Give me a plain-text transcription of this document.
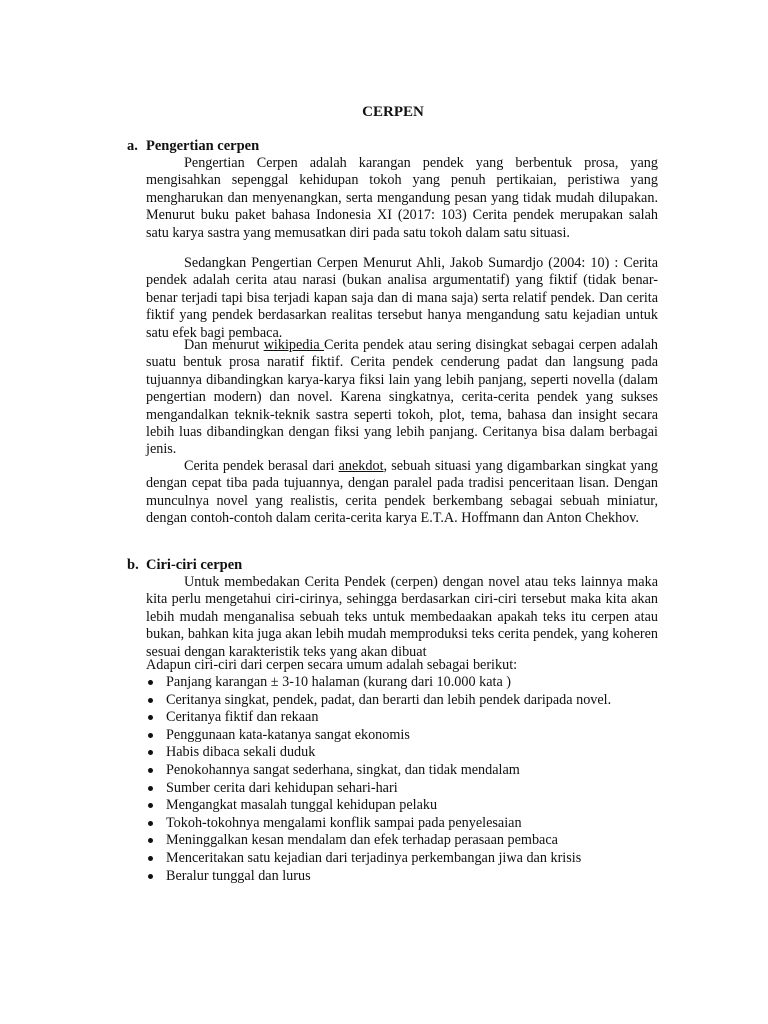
CERPEN
a. Pengertian cerpen

Pengertian Cerpen adalah karangan pendek yang berbentuk prosa, yang mengisahkan sepenggal kehidupan tokoh yang penuh pertikaian, peristiwa yang mengharukan dan menyenangkan, serta mengandung pesan yang tidak mudah dilupakan. Menurut buku paket bahasa Indonesia XI (2017: 103) Cerita pendek merupakan salah satu karya sastra yang memusatkan diri pada satu tokoh dalam satu situasi.

Sedangkan Pengertian Cerpen Menurut Ahli, Jakob Sumardjo (2004: 10) : Cerita pendek adalah cerita atau narasi (bukan analisa argumentatif) yang fiktif (tidak benar- benar terjadi tapi bisa terjadi kapan saja dan di mana saja) serta relatif pendek. Dan cerita fiktif yang pendek berdasarkan realitas tersebut hanya mengandung satu kejadian untuk satu efek bagi pembaca.

Dan menurut wikipedia Cerita pendek atau sering disingkat sebagai cerpen adalah suatu bentuk prosa naratif fiktif. Cerita pendek cenderung padat dan langsung pada tujuannya dibandingkan karya-karya fiksi lain yang lebih panjang, seperti novella (dalam pengertian modern) dan novel. Karena singkatnya, cerita-cerita pendek yang sukses mengandalkan teknik-teknik sastra seperti tokoh, plot, tema, bahasa dan insight secara lebih luas dibandingkan dengan fiksi yang lebih panjang. Ceritanya bisa dalam berbagai jenis.

Cerita pendek berasal dari anekdot, sebuah situasi yang digambarkan singkat yang dengan cepat tiba pada tujuannya, dengan paralel pada tradisi penceritaan lisan. Dengan munculnya novel yang realistis, cerita pendek berkembang sebagai sebuah miniatur, dengan contoh-contoh dalam cerita-cerita karya E.T.A. Hoffmann dan Anton Chekhov.

b. Ciri-ciri cerpen

Untuk membedakan Cerita Pendek (cerpen) dengan novel atau teks lainnya maka kita perlu mengetahui ciri-cirinya, sehingga berdasarkan ciri-ciri tersebut maka kita akan lebih mudah menganalisa sebuah teks untuk membedaakan apakah teks itu cerpen atau bukan, bahkan kita juga akan lebih mudah memproduksi teks cerita pendek, yang koheren sesuai dengan karakteristik teks yang akan dibuat

Adapun ciri-ciri dari cerpen secara umum adalah sebagai berikut:

Panjang karangan ± 3-10 halaman (kurang dari 10.000 kata )
Ceritanya singkat, pendek, padat, dan berarti dan lebih pendek daripada novel.
Ceritanya fiktif dan rekaan
Penggunaan kata-katanya sangat ekonomis
Habis dibaca sekali duduk
Penokohannya sangat sederhana, singkat, dan tidak mendalam
Sumber cerita dari kehidupan sehari-hari
Mengangkat masalah tunggal kehidupan pelaku
Tokoh-tokohnya mengalami konflik sampai pada penyelesaian
Meninggalkan kesan mendalam dan efek terhadap perasaan pembaca
Menceritakan satu kejadian dari terjadinya perkembangan jiwa dan krisis
Beralur tunggal dan lurus
